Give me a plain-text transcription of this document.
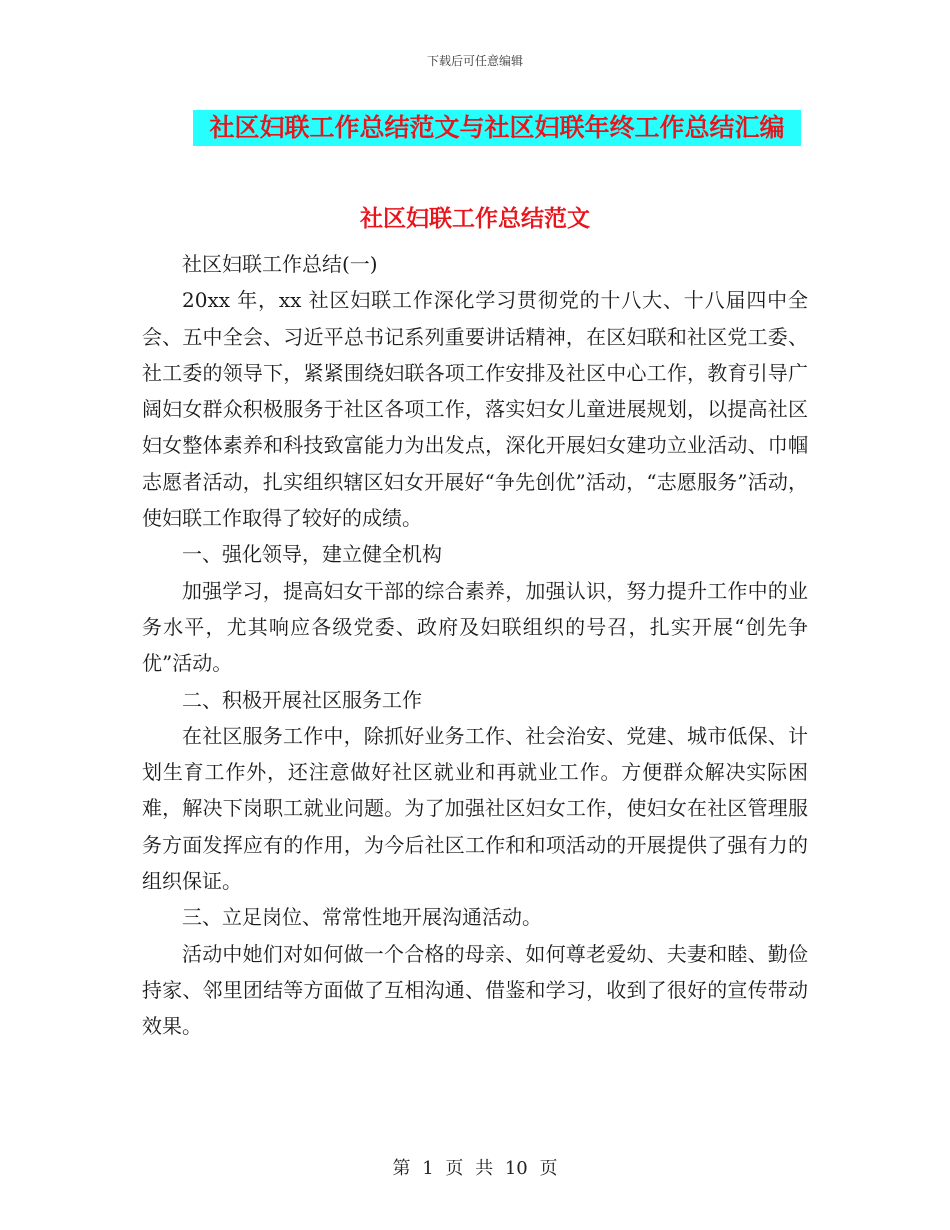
下载后可任意编辑
社区妇联工作总结范文与社区妇联年终工作总结汇编
社区妇联工作总结范文

社区妇联工作总结(一)

20xx 年，xx 社区妇联工作深化学习贯彻党的十八大、十八届四中全会、五中全会、习近平总书记系列重要讲话精神，在区妇联和社区党工委、社工委的领导下，紧紧围绕妇联各项工作安排及社区中心工作，教育引导广阔妇女群众积极服务于社区各项工作，落实妇女儿童进展规划，以提高社区妇女整体素养和科技致富能力为出发点，深化开展妇女建功立业活动、巾帼志愿者活动，扎实组织辖区妇女开展好“争先创优”活动，“志愿服务”活动，使妇联工作取得了较好的成绩。

一、强化领导，建立健全机构

加强学习，提高妇女干部的综合素养，加强认识，努力提升工作中的业务水平，尤其响应各级党委、政府及妇联组织的号召，扎实开展“创先争优”活动。

二、积极开展社区服务工作

在社区服务工作中，除抓好业务工作、社会治安、党建、城市低保、计划生育工作外，还注意做好社区就业和再就业工作。方便群众解决实际困难，解决下岗职工就业问题。为了加强社区妇女工作，使妇女在社区管理服务方面发挥应有的作用，为今后社区工作和和项活动的开展提供了强有力的组织保证。

三、立足岗位、常常性地开展沟通活动。

活动中她们对如何做一个合格的母亲、如何尊老爱幼、夫妻和睦、勤俭持家、邻里团结等方面做了互相沟通、借鉴和学习，收到了很好的宣传带动效果。

第 1 页 共 10 页
